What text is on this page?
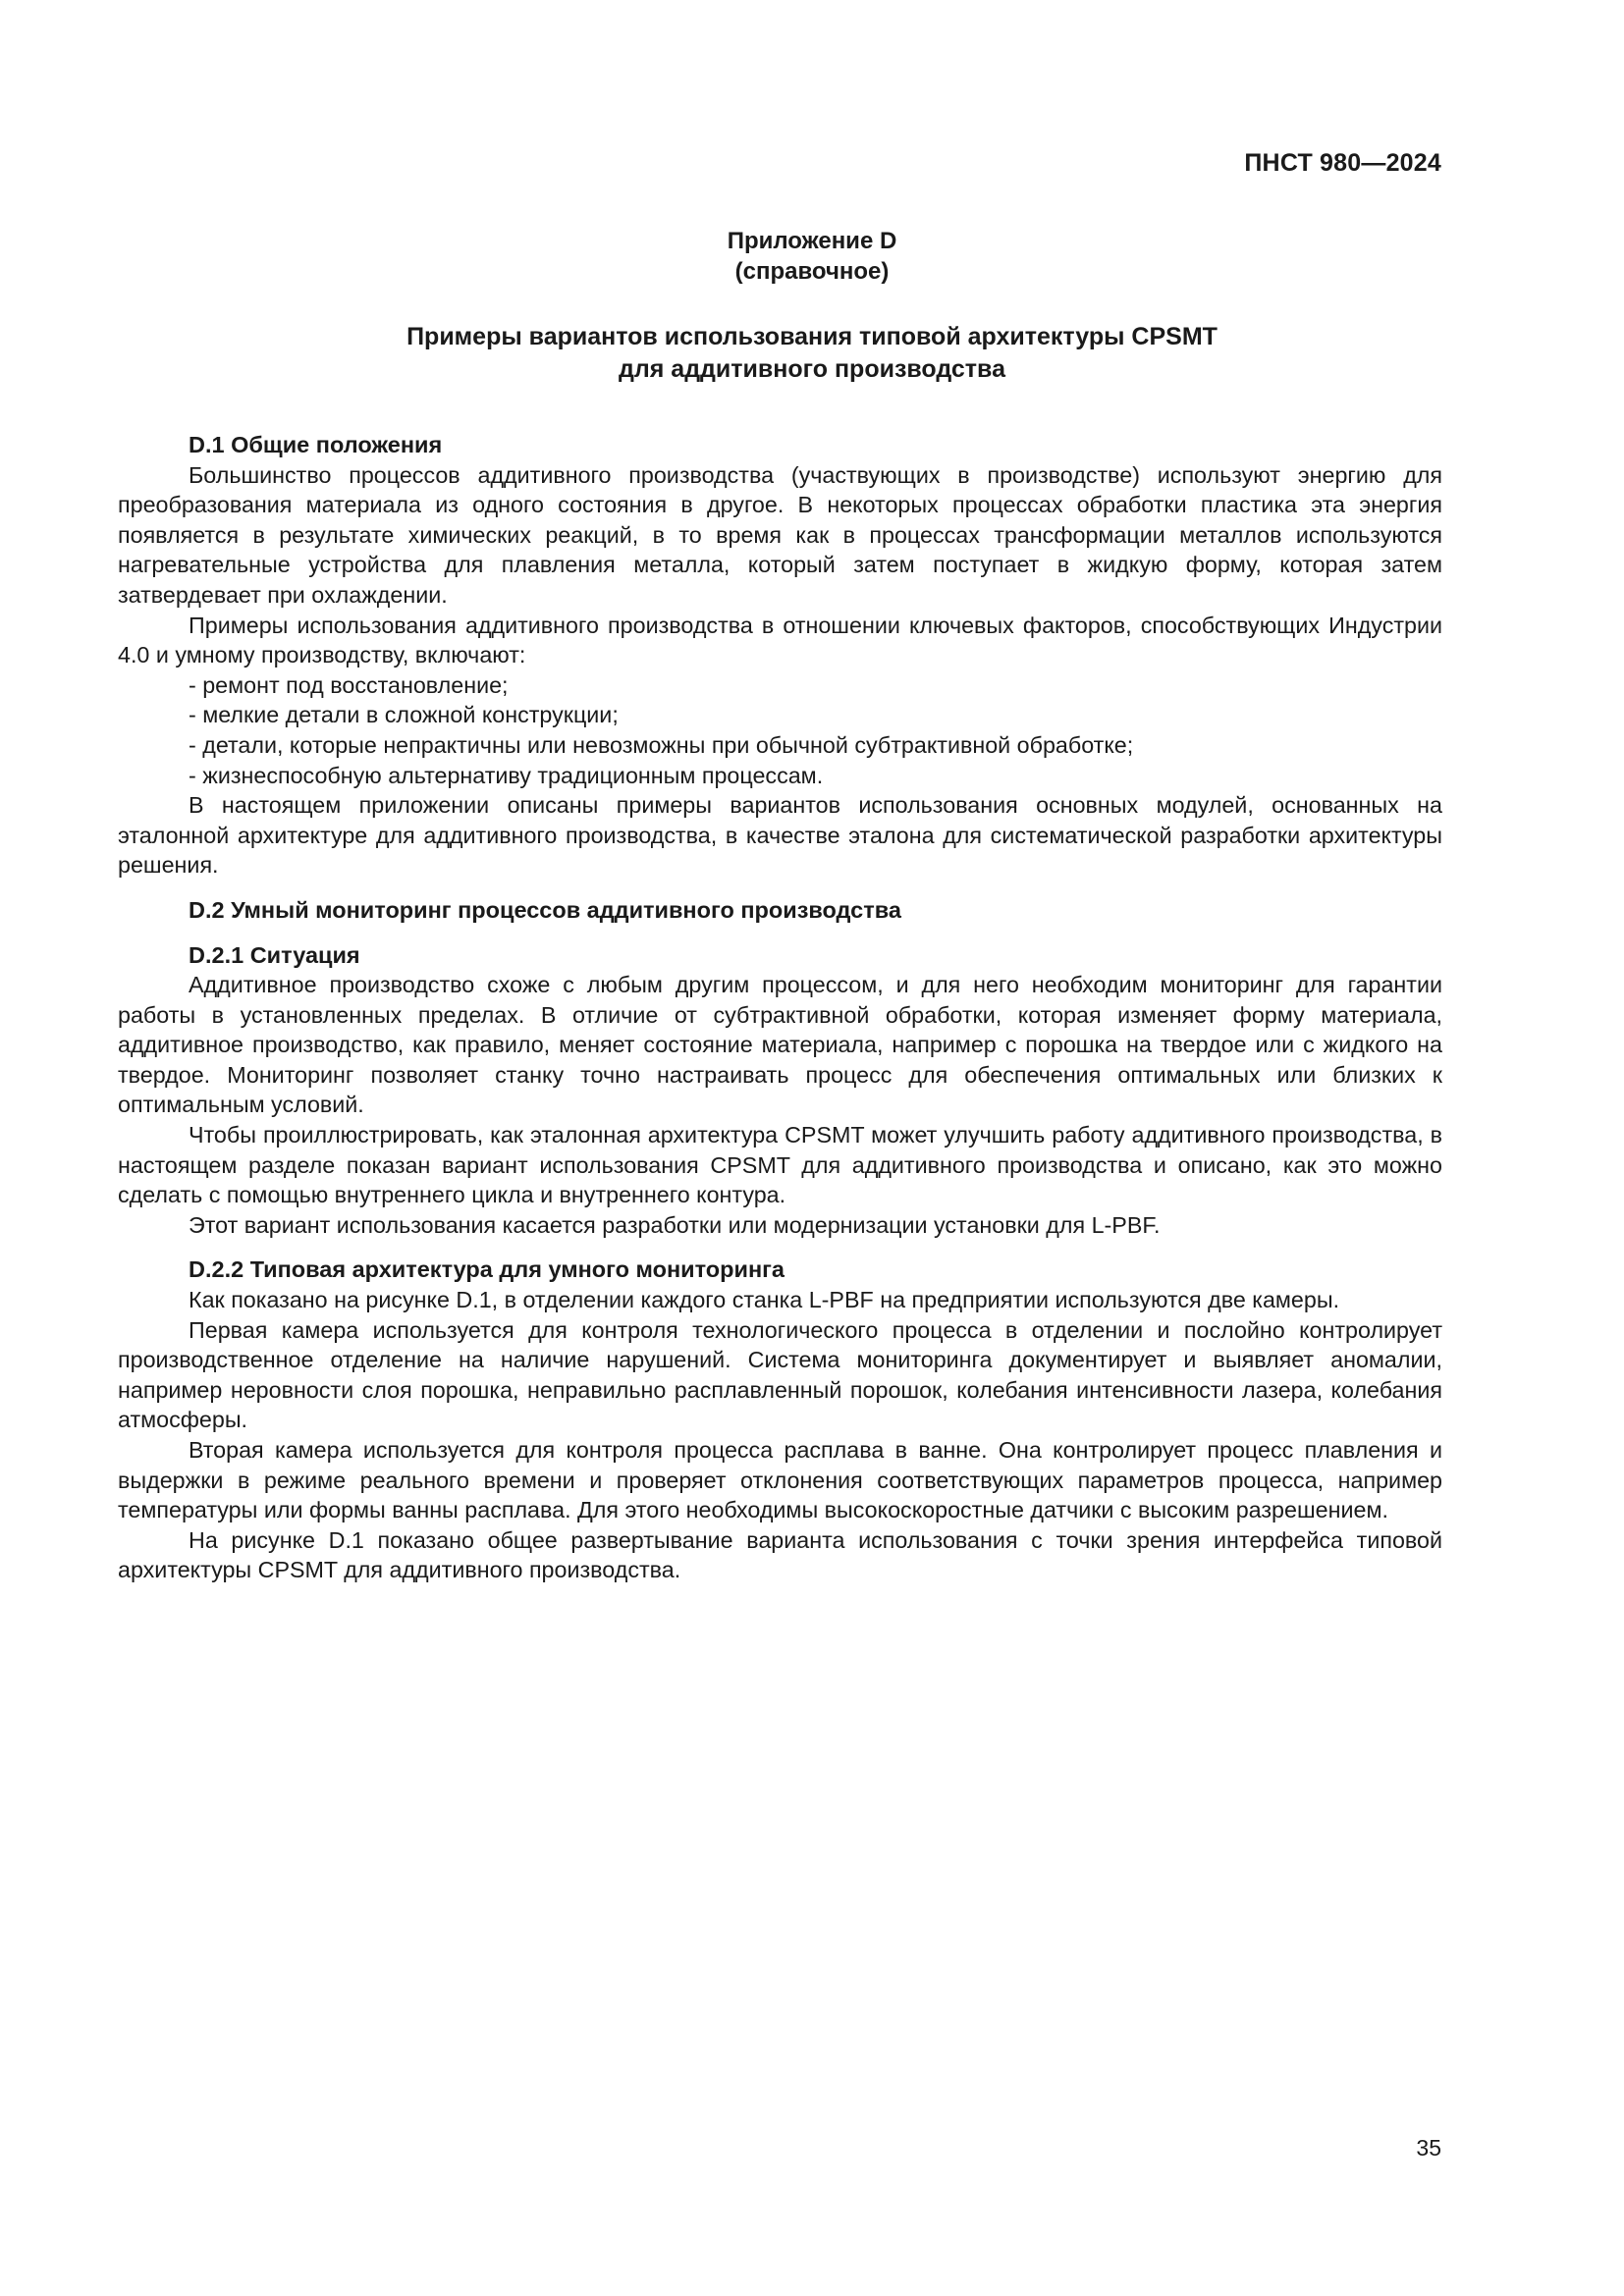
ПНСТ 980—2024
Приложение D
(справочное)
Примеры вариантов использования типовой архитектуры CPSMT
для аддитивного производства
D.1 Общие положения

Большинство процессов аддитивного производства (участвующих в производстве) используют энергию для преобразования материала из одного состояния в другое. В некоторых процессах обработки пластика эта энергия появляется в результате химических реакций, в то время как в процессах трансформации металлов используются нагревательные устройства для плавления металла, который затем поступает в жидкую форму, которая затем затвердевает при охлаждении.

Примеры использования аддитивного производства в отношении ключевых факторов, способствующих Индустрии 4.0 и умному производству, включают:

- ремонт под восстановление;

- мелкие детали в сложной конструкции;

- детали, которые непрактичны или невозможны при обычной субтрактивной обработке;

- жизнеспособную альтернативу традиционным процессам.

В настоящем приложении описаны примеры вариантов использования основных модулей, основанных на эталонной архитектуре для аддитивного производства, в качестве эталона для систематической разработки архитектуры решения.

D.2 Умный мониторинг процессов аддитивного производства
D.2.1 Ситуация

Аддитивное производство схоже с любым другим процессом, и для него необходим мониторинг для гарантии работы в установленных пределах. В отличие от субтрактивной обработки, которая изменяет форму материала, аддитивное производство, как правило, меняет состояние материала, например с порошка на твердое или с жидкого на твердое. Мониторинг позволяет станку точно настраивать процесс для обеспечения оптимальных или близких к оптимальным условий.

Чтобы проиллюстрировать, как эталонная архитектура CPSMT может улучшить работу аддитивного производства, в настоящем разделе показан вариант использования CPSMT для аддитивного производства и описано, как это можно сделать с помощью внутреннего цикла и внутреннего контура.

Этот вариант использования касается разработки или модернизации установки для L-PBF.

D.2.2 Типовая архитектура для умного мониторинга

Как показано на рисунке D.1, в отделении каждого станка L-PBF на предприятии используются две камеры.

Первая камера используется для контроля технологического процесса в отделении и послойно контролирует производственное отделение на наличие нарушений. Система мониторинга документирует и выявляет аномалии, например неровности слоя порошка, неправильно расплавленный порошок, колебания интенсивности лазера, колебания атмосферы.

Вторая камера используется для контроля процесса расплава в ванне. Она контролирует процесс плавления и выдержки в режиме реального времени и проверяет отклонения соответствующих параметров процесса, например температуры или формы ванны расплава. Для этого необходимы высокоскоростные датчики с высоким разрешением.

На рисунке D.1 показано общее развертывание варианта использования с точки зрения интерфейса типовой архитектуры CPSMT для аддитивного производства.

35
